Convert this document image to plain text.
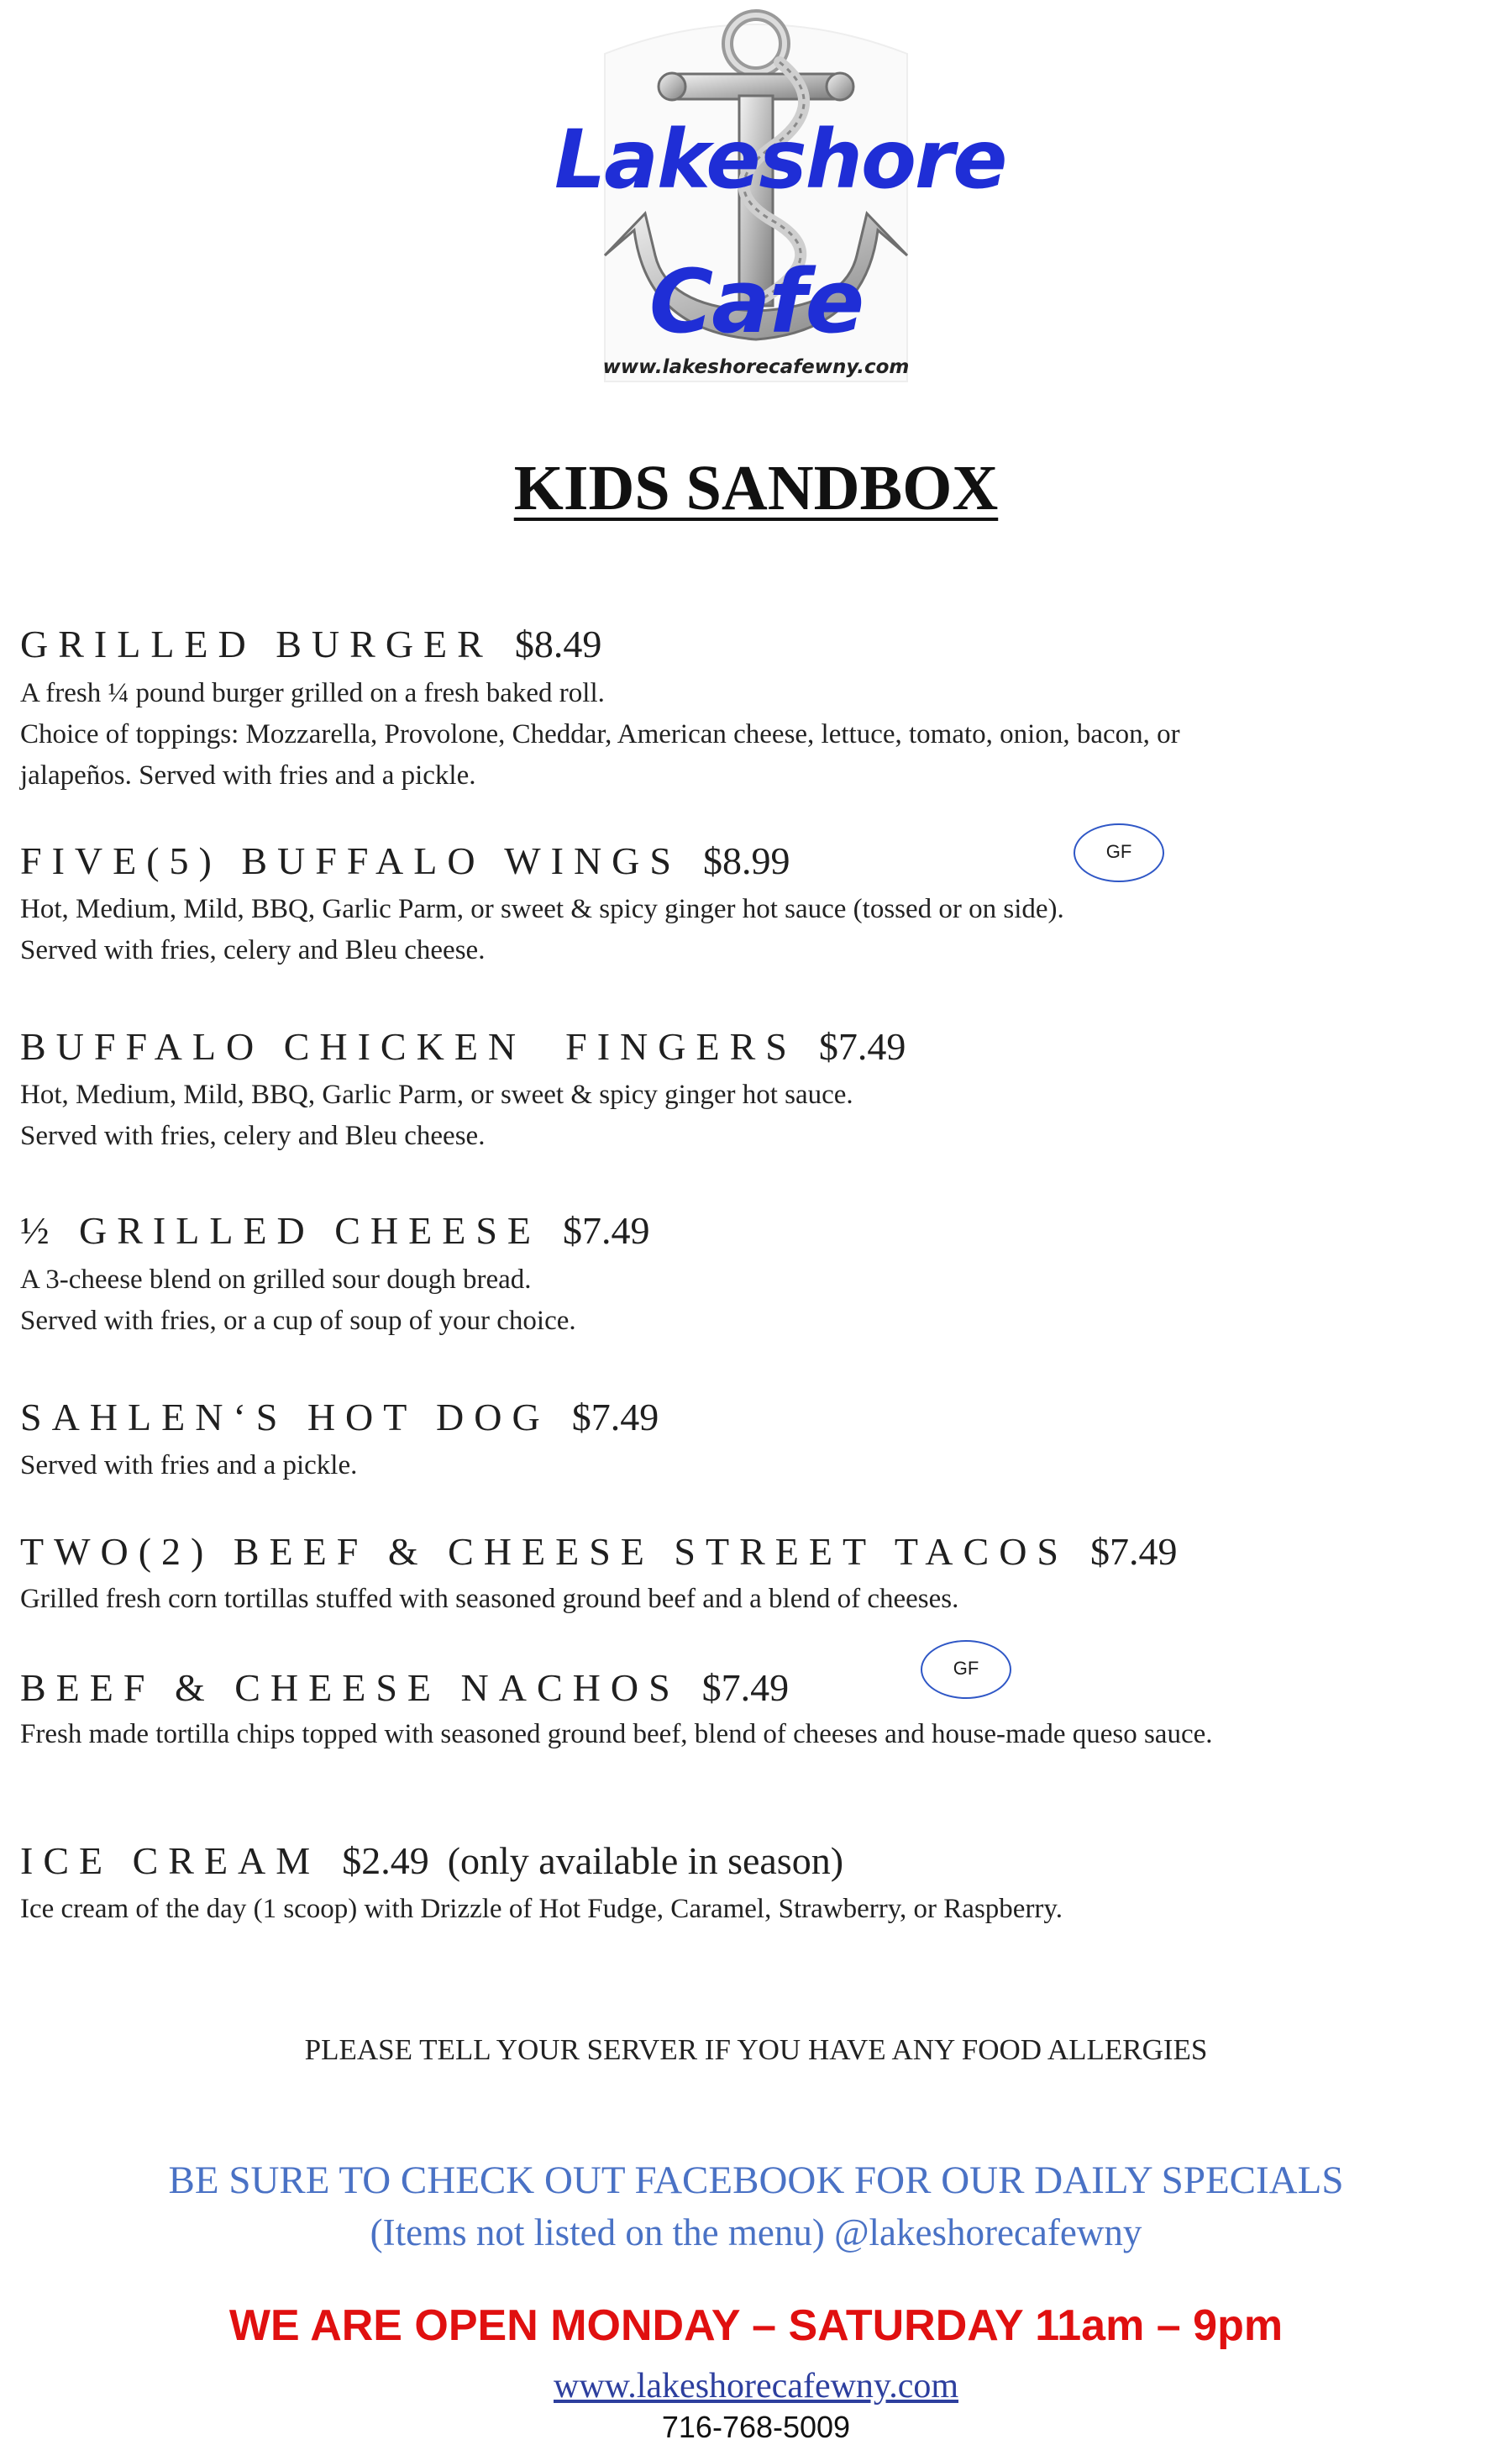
Lakeshore
Cafe
www.lakeshorecafewny.com
KIDS SANDBOX
GRILLED BURGER $8.49
A fresh ¼ pound burger grilled on a fresh baked roll.
Choice of toppings: Mozzarella, Provolone, Cheddar, American cheese, lettuce, tomato, onion, bacon, or
jalapeños. Served with fries and a pickle.
FIVE(5) BUFFALO WINGS $8.99	GF
Hot, Medium, Mild, BBQ, Garlic Parm, or sweet & spicy ginger hot sauce (tossed or on side).
Served with fries, celery and Bleu cheese.
BUFFALO CHICKEN  FINGERS $7.49
Hot, Medium, Mild, BBQ, Garlic Parm, or sweet & spicy ginger hot sauce.
Served with fries, celery and Bleu cheese.
½ GRILLED CHEESE $7.49
A 3-cheese blend on grilled sour dough bread.
Served with fries, or a cup of soup of your choice.
SAHLEN‘S HOT DOG $7.49
Served with fries and a pickle.
TWO(2) BEEF & CHEESE STREET TACOS $7.49
Grilled fresh corn tortillas stuffed with seasoned ground beef and a blend of cheeses.
GF
BEEF & CHEESE NACHOS $7.49
Fresh made tortilla chips topped with seasoned ground beef, blend of cheeses and house-made queso sauce.
ICE CREAM $2.49 (only available in season)
Ice cream of the day (1 scoop) with Drizzle of Hot Fudge, Caramel, Strawberry, or Raspberry.
PLEASE TELL YOUR SERVER IF YOU HAVE ANY FOOD ALLERGIES
BE SURE TO CHECK OUT FACEBOOK FOR OUR DAILY SPECIALS
(Items not listed on the menu) @lakeshorecafewny
WE ARE OPEN MONDAY – SATURDAY 11am – 9pm
www.lakeshorecafewny.com
716-768-5009
